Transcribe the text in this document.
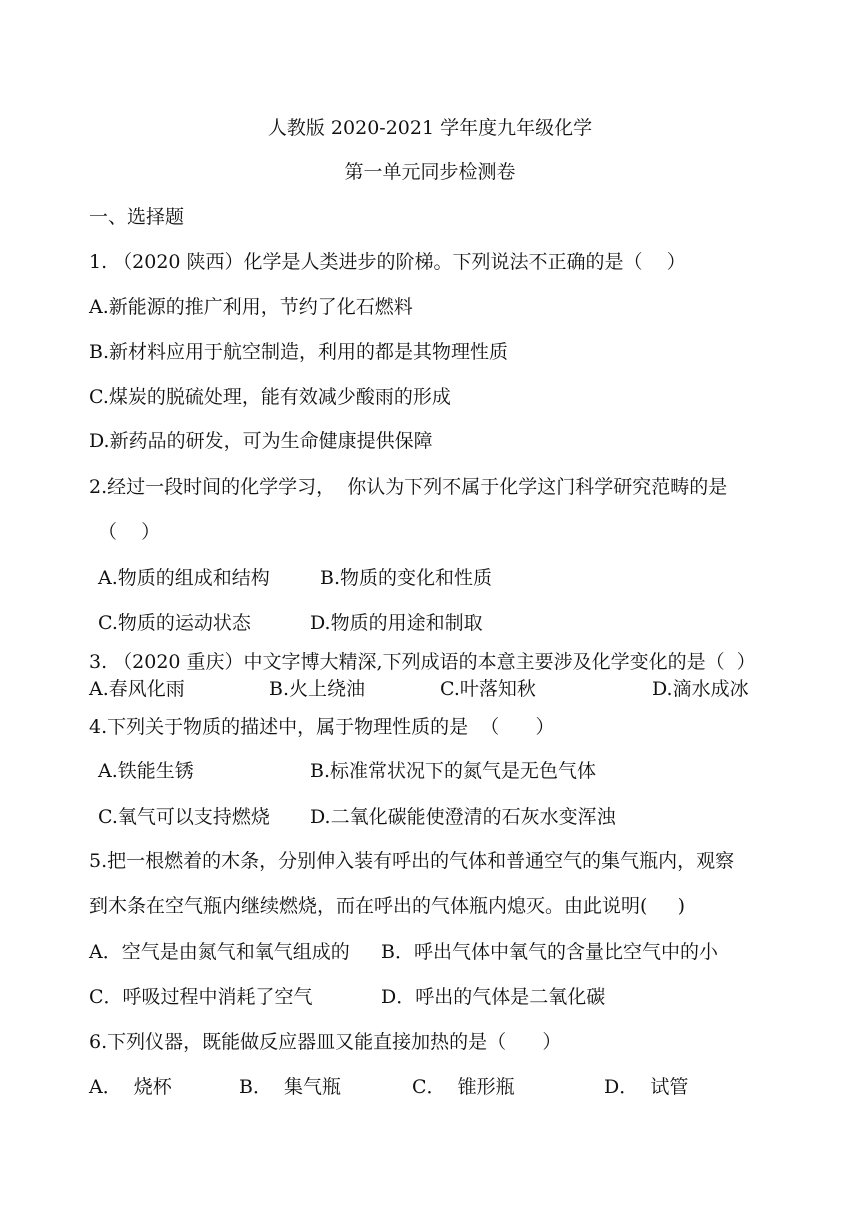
人教版 2020-2021 学年度九年级化学
第一单元同步检测卷
一、选择题
1. （2020 陕西）化学是人类进步的阶梯。下列说法不正确的是（    ）
A.新能源的推广利用，节约了化石燃料
B.新材料应用于航空制造，利用的都是其物理性质
C.煤炭的脱硫处理，能有效减少酸雨的形成
D.新药品的研发，可为生命健康提供保障
2.经过一段时间的化学学习，  你认为下列不属于化学这门科学研究范畴的是
（    ）
A.物质的组成和结构	B.物质的变化和性质
C.物质的运动状态	D.物质的用途和制取
3. （2020 重庆）中文字博大精深,下列成语的本意主要涉及化学变化的是（  ）
A.春风化雨	B.火上绕油	C.叶落知秋	D.滴水成冰
4.下列关于物质的描述中，属于物理性质的是  （      ）
A.铁能生锈	B.标准常状况下的氮气是无色气体
C.氧气可以支持燃烧 D.二氧化碳能使澄清的石灰水变浑浊
5.把一根燃着的木条，分别伸入装有呼出的气体和普通空气的集气瓶内，观察
到木条在空气瓶内继续燃烧，而在呼出的气体瓶内熄灭。由此说明(     )
A．空气是由氮气和氧气组成的 B．呼出气体中氧气的含量比空气中的小
C．呼吸过程中消耗了空气	D．呼出的气体是二氧化碳
6.下列仪器，既能做反应器皿又能直接加热的是（      ）
A．  烧杯	B．  集气瓶	C．  锥形瓶	D．  试管
